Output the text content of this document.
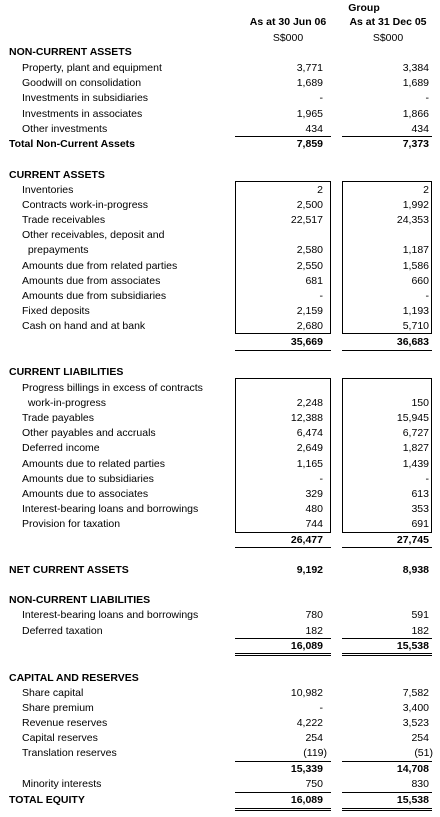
Group
As at 30 Jun 06	As at 31 Dec 05
S$000	S$000
NON-CURRENT ASSETS
Property, plant and equipment	3,771	3,384
Goodwill on consolidation	1,689	1,689
Investments in subsidiaries	-	-
Investments in associates	1,965	1,866
Other investments	434	434
Total Non-Current Assets	7,859	7,373
CURRENT ASSETS
Inventories	2	2
Contracts work-in-progress	2,500	1,992
Trade receivables	22,517	24,353
Other receivables, deposit and
prepayments	2,580	1,187
Amounts due from related parties	2,550	1,586
Amounts due from associates	681	660
Amounts due from subsidiaries	-	-
Fixed deposits	2,159	1,193
Cash on hand and at bank	2,680	5,710
35,669	36,683
CURRENT LIABILITIES
Progress billings in excess of contracts
work-in-progress	2,248	150
Trade payables	12,388	15,945
Other payables and accruals	6,474	6,727
Deferred income	2,649	1,827
Amounts due to related parties	1,165	1,439
Amounts due to subsidiaries	-	-
Amounts due to associates	329	613
Interest-bearing loans and borrowings	480	353
Provision for taxation	744	691
26,477	27,745
NET CURRENT ASSETS	9,192	8,938
NON-CURRENT LIABILITIES
Interest-bearing loans and borrowings	780	591
Deferred taxation	182	182
16,089	15,538
CAPITAL AND RESERVES
Share capital	10,982	7,582
Share premium	-	3,400
Revenue reserves	4,222	3,523
Capital reserves	254	254
Translation reserves	(119)	(51)
15,339	14,708
Minority interests	750	830
TOTAL EQUITY	16,089	15,538
